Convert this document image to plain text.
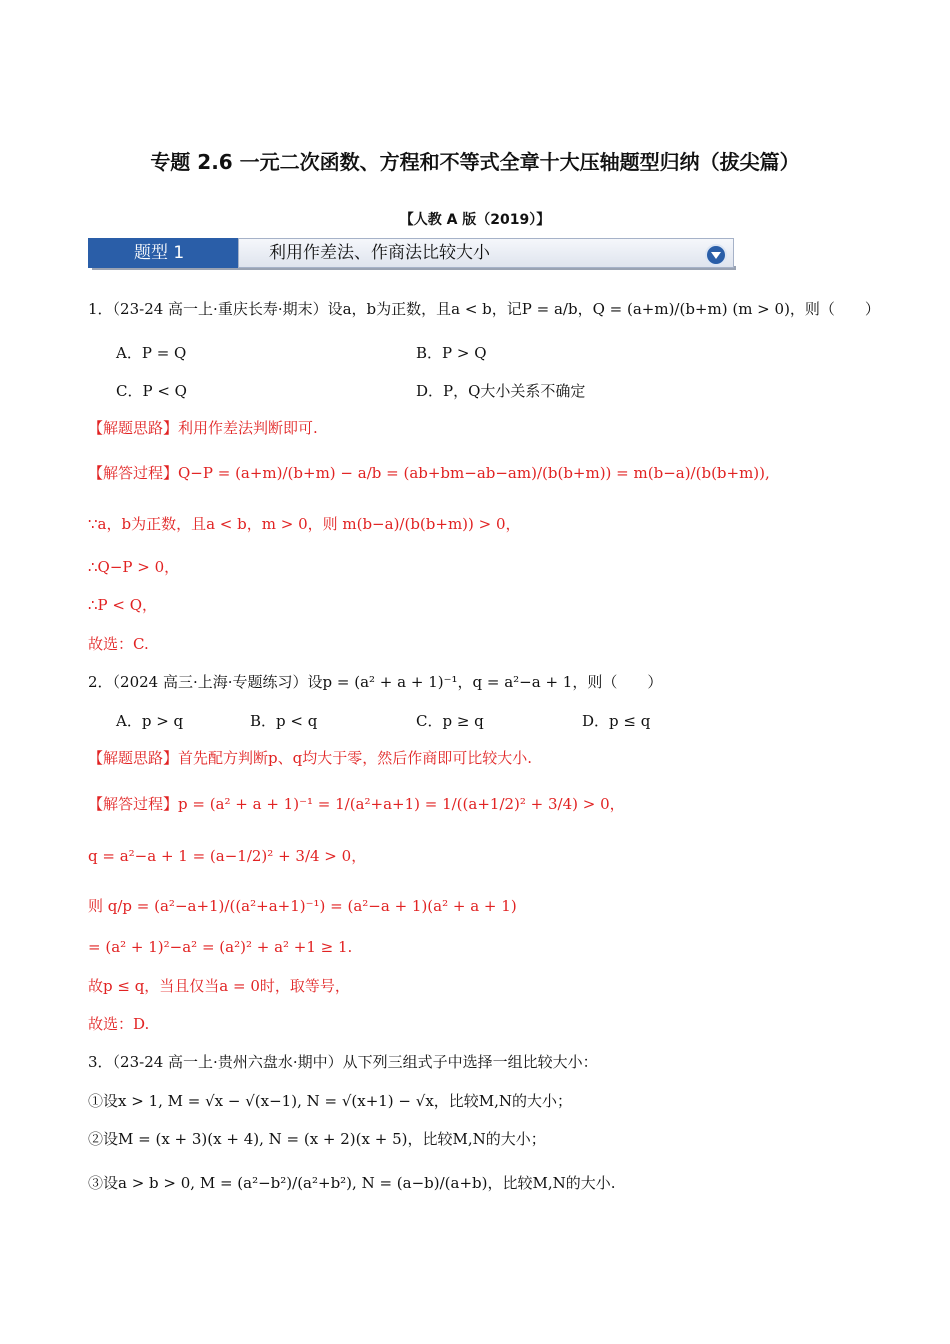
专题 2.6 一元二次函数、方程和不等式全章十大压轴题型归纳（拔尖篇）
【人教 A 版（2019）】
题型 1	利用作差法、作商法比较大小
1．（23-24 高一上·重庆长寿·期末）设a，b为正数，且a < b，记P = a/b，Q = (a+m)/(b+m) (m > 0)，则（　　）
A．P = Q	B．P > Q
C．P < Q	D．P，Q大小关系不确定
【解题思路】利用作差法判断即可.
【解答过程】Q−P = (a+m)/(b+m) − a/b = (ab+bm−ab−am)/(b(b+m)) = m(b−a)/(b(b+m)),
∵a，b为正数，且a < b，m > 0，则 m(b−a)/(b(b+m)) > 0，
∴Q−P > 0，
∴P < Q，
故选：C.
2．（2024 高三·上海·专题练习）设p = (a² + a + 1)⁻¹，q = a²−a + 1，则（　　）
A．p > q	B．p < q	C．p ≥ q	D．p ≤ q
【解题思路】首先配方判断p、q均大于零，然后作商即可比较大小.
【解答过程】p = (a² + a + 1)⁻¹ = 1/(a²+a+1) = 1/((a+1/2)² + 3/4) > 0，
q = a²−a + 1 = (a−1/2)² + 3/4 > 0，
则 q/p = (a²−a+1)/((a²+a+1)⁻¹) = (a²−a + 1)(a² + a + 1)
= (a² + 1)²−a² = (a²)² + a² +1 ≥ 1.
故p ≤ q，当且仅当a = 0时，取等号，
故选：D.
3．（23-24 高一上·贵州六盘水·期中）从下列三组式子中选择一组比较大小：
①设x > 1, M = √x − √(x−1), N = √(x+1) − √x，比较M,N的大小；
②设M = (x + 3)(x + 4), N = (x + 2)(x + 5)，比较M,N的大小；
③设a > b > 0, M = (a²−b²)/(a²+b²), N = (a−b)/(a+b)，比较M,N的大小.
